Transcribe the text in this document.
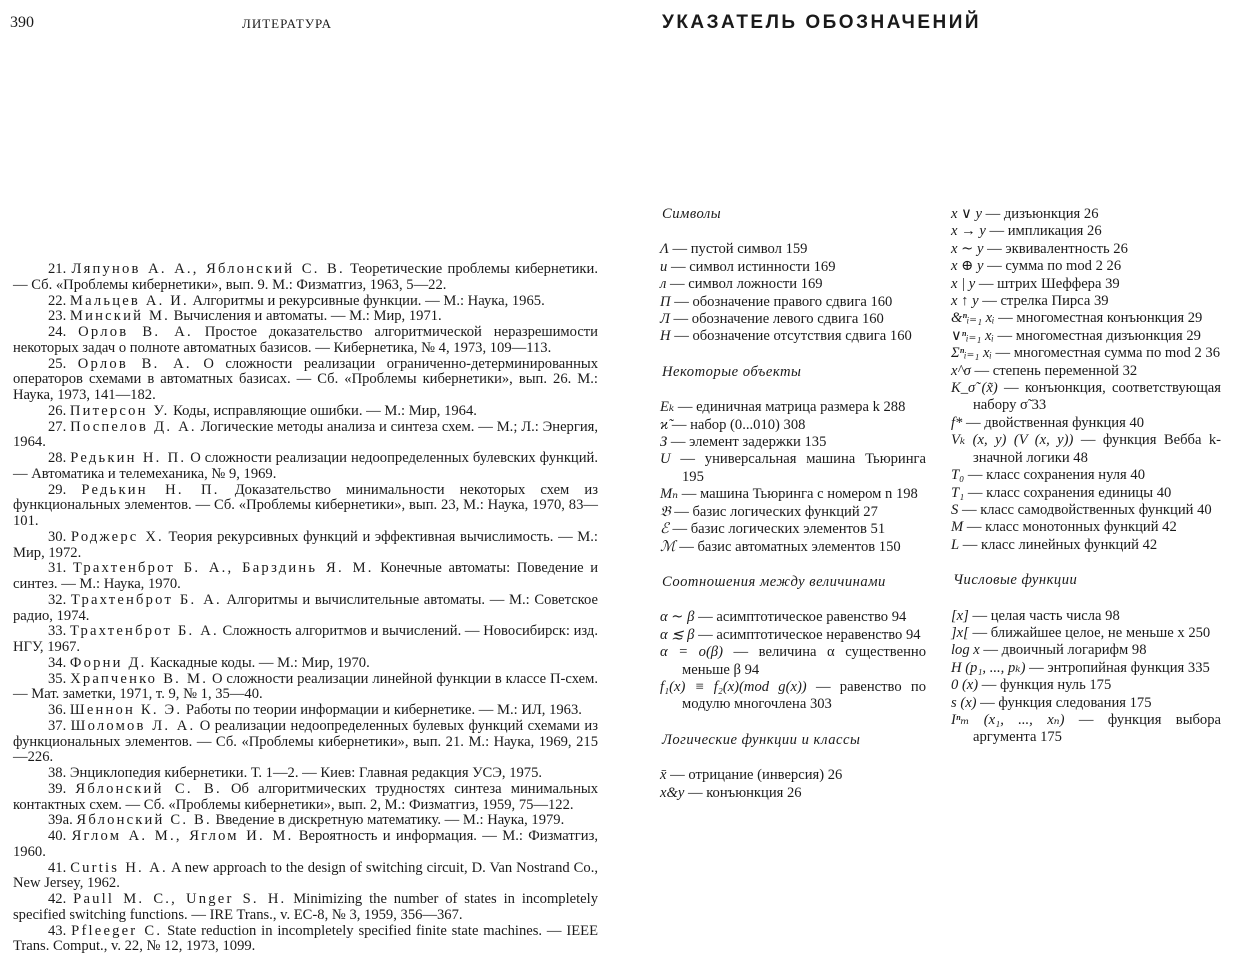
390	ЛИТЕРАТУРА
21. Ляпунов А. А., Яблонский С. В. Теоретические проблемы кибернетики. — Сб. «Проблемы кибернетики», вып. 9. М.: Физматгиз, 1963, 5—22.
22. Мальцев А. И. Алгоритмы и рекурсивные функции. — М.: Наука, 1965.
23. Минский М. Вычисления и автоматы. — М.: Мир, 1971.
24. Орлов В. А. Простое доказательство алгоритмической неразрешимости некоторых задач о полноте автоматных базисов. — Кибернетика, № 4, 1973, 109—113.
25. Орлов В. А. О сложности реализации ограниченно-детерминированных операторов схемами в автоматных базисах. — Сб. «Проблемы кибернетики», вып. 26. М.: Наука, 1973, 141—182.
26. Питерсон У. Коды, исправляющие ошибки. — М.: Мир, 1964.
27. Поспелов Д. А. Логические методы анализа и синтеза схем. — М.; Л.: Энергия, 1964.
28. Редькин Н. П. О сложности реализации недоопределенных булевских функций. — Автоматика и телемеханика, № 9, 1969.
29. Редькин Н. П. Доказательство минимальности некоторых схем из функциональных элементов. — Сб. «Проблемы кибернетики», вып. 23, М.: Наука, 1970, 83—101.
30. Роджерс Х. Теория рекурсивных функций и эффективная вычислимость. — М.: Мир, 1972.
31. Трахтенброт Б. А., Барздинь Я. М. Конечные автоматы: Поведение и синтез. — М.: Наука, 1970.
32. Трахтенброт Б. А. Алгоритмы и вычислительные автоматы. — М.: Советское радио, 1974.
33. Трахтенброт Б. А. Сложность алгоритмов и вычислений. — Новосибирск: изд. НГУ, 1967.
34. Форни Д. Каскадные коды. — М.: Мир, 1970.
35. Храпченко В. М. О сложности реализации линейной функции в классе П-схем. — Мат. заметки, 1971, т. 9, № 1, 35—40.
36. Шеннон К. Э. Работы по теории информации и кибернетике. — М.: ИЛ, 1963.
37. Шоломов Л. А. О реализации недоопределенных булевых функций схемами из функциональных элементов. — Сб. «Проблемы кибернетики», вып. 21. М.: Наука, 1969, 215—226.
38. Энциклопедия кибернетики. Т. 1—2. — Киев: Главная редакция УСЭ, 1975.
39. Яблонский С. В. Об алгоритмических трудностях синтеза минимальных контактных схем. — Сб. «Проблемы кибернетики», вып. 2, М.: Физматгиз, 1959, 75—122.
39а. Яблонский С. В. Введение в дискретную математику. — М.: Наука, 1979.
40. Яглом А. М., Яглом И. М. Вероятность и информация. — М.: Физматгиз, 1960.
41. Curtis H. A. A new approach to the design of switching circuit, D. Van Nostrand Co., New Jersey, 1962.
42. Paull M. C., Unger S. H. Minimizing the number of states in incompletely specified switching functions. — IRE Trans., v. EC-8, № 3, 1959, 356—367.
43. Pfleeger C. State reduction in incompletely specified finite state machines. — IEEE Trans. Comput., v. 22, № 12, 1973, 1099.
УКАЗАТЕЛЬ ОБОЗНАЧЕНИЙ
Символы
Λ — пустой символ 159
и — символ истинности 169
л — символ ложности 169
П — обозначение правого сдвига 160
Л — обозначение левого сдвига 160
Н — обозначение отсутствия сдвига 160
Некоторые объекты
Eₖ — единичная матрица размера k 288
ϰ̃ — набор (0...010) 308
З — элемент задержки 135
U — универсальная машина Тьюринга 195
Mₙ — машина Тьюринга с номером n 198
𝔅 — базис логических функций 27
ℰ — базис логических элементов 51
ℳ — базис автоматных элементов 150
Соотношения между величинами
α ∼ β — асимптотическое равенство 94
α ≲ β — асимптотическое неравенство 94
α = o(β) — величина α существенно меньше β 94
f₁(x) ≡ f₂(x)(mod g(x)) — равенство по модулю многочлена 303
Логические функции и классы
x̄ — отрицание (инверсия) 26
x&y — конъюнкция 26
x ∨ y — дизъюнкция 26
x → y — импликация 26
x ∼ y — эквивалентность 26
x ⊕ y — сумма по mod 2 26
x | y — штрих Шеффера 39
x ↑ y — стрелка Пирса 39
&ⁿᵢ₌₁ xᵢ — многоместная конъюнкция 29
∨ⁿᵢ₌₁ xᵢ — многоместная дизъюнкция 29
Σⁿᵢ₌₁ xᵢ — многоместная сумма по mod 2 36
x^σ — степень переменной 32
K_σ̃ (x̃) — конъюнкция, соответствующая набору σ̃ 33
f* — двойственная функция 40
Vₖ (x, y) (V (x, y)) — функция Вебба k-значной логики 48
T₀ — класс сохранения нуля 40
T₁ — класс сохранения единицы 40
S — класс самодвойственных функций 40
M — класс монотонных функций 42
L — класс линейных функций 42
Числовые функции
[x] — целая часть числа 98
]x[ — ближайшее целое, не меньше x 250
log x — двоичный логарифм 98
H (p₁, ..., pₖ) — энтропийная функция 335
0 (x) — функция нуль 175
s (x) — функция следования 175
Iⁿₘ (x₁, ..., xₙ) — функция выбора аргумента 175
